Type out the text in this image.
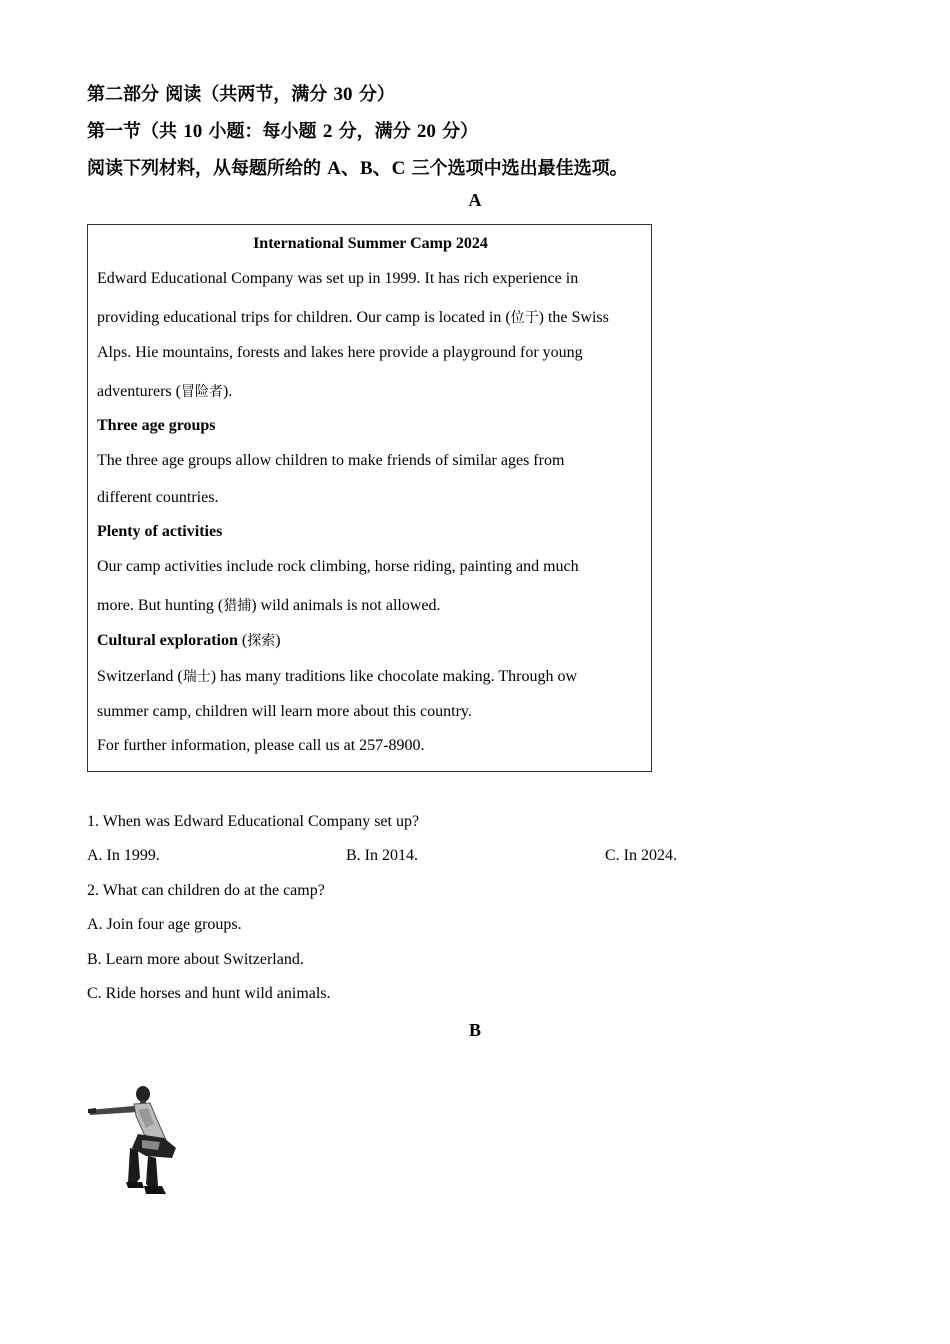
第二部分 阅读（共两节，满分 30 分）
第一节（共 10 小题：每小题 2 分，满分 20 分）
阅读下列材料，从每题所给的 A、B、C 三个选项中选出最佳选项。
A
International Summer Camp 2024
Edward Educational Company was set up in 1999. It has rich experience in
providing educational trips for children. Our camp is located in (位于) the Swiss
Alps. Hie mountains, forests and lakes here provide a playground for young
adventurers (冒险者).
Three age groups
The three age groups allow children to make friends of similar ages from
different countries.
Plenty of activities
Our camp activities include rock climbing, horse riding, painting and much
more. But hunting (猎捕) wild animals is not allowed.
Cultural exploration (探索)
Switzerland (瑞士) has many traditions like chocolate making. Through ow
summer camp, children will learn more about this country.
For further information, please call us at 257-8900.
1. When was Edward Educational Company set up?
A. In 1999.	B. In 2014.	C. In 2024.
2. What can children do at the camp?
A. Join four age groups.
B. Learn more about Switzerland.
C. Ride horses and hunt wild animals.
B
